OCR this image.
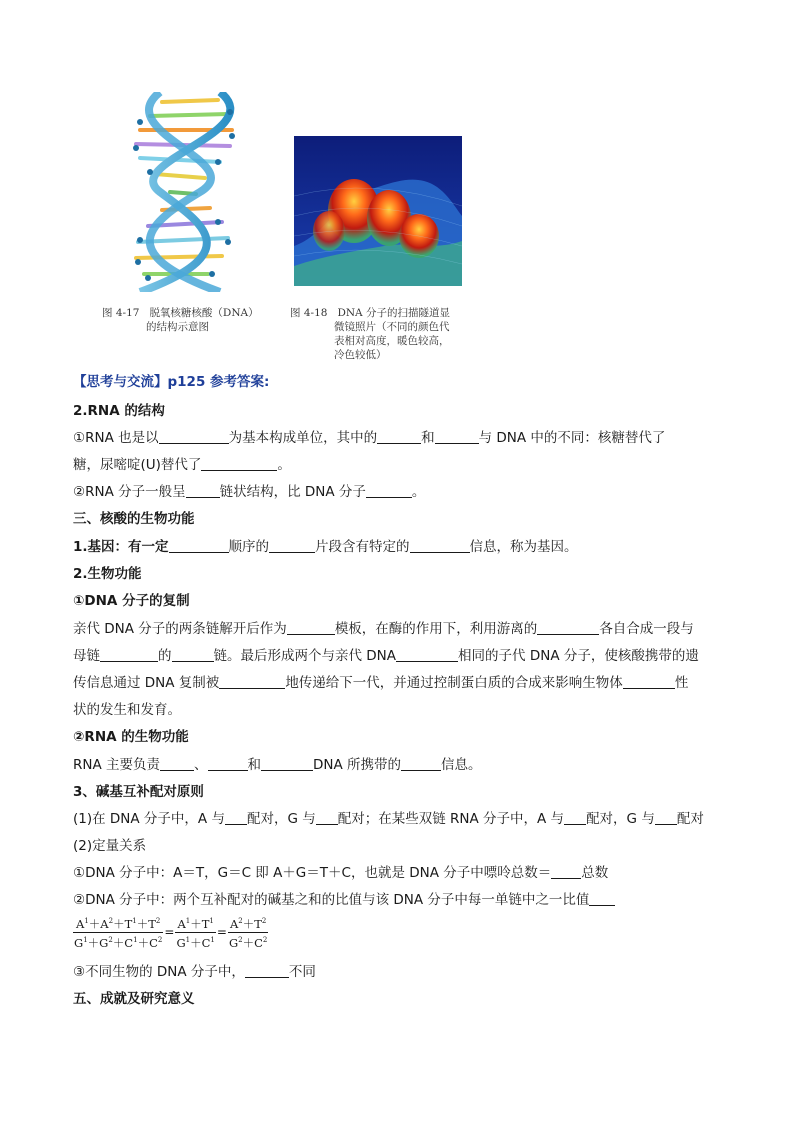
图 4-17 脱氧核糖核酸（DNA）
的结构示意图
图 4-18 DNA 分子的扫描隧道显
微镜照片（不同的颜色代
表相对高度，暖色较高，
冷色较低）
【思考与交流】p125 参考答案:
2.RNA 的结构
①RNA 也是以	为基本构成单位，其中的	和	与 DNA 中的不同：核糖替代了
糖，尿嘧啶(U)替代了	。
②RNA 分子一般呈	链状结构，比 DNA 分子	。
三、核酸的生物功能
1.基因：有一定	顺序的	片段含有特定的	信息，称为基因。
2.生物功能
①DNA 分子的复制
亲代 DNA 分子的两条链解开后作为	模板，在酶的作用下，利用游离的	各自合成一段与
母链	的	链。最后形成两个与亲代 DNA	相同的子代 DNA 分子，使核酸携带的遗
传信息通过 DNA 复制被	地传递给下一代，并通过控制蛋白质的合成来影响生物体	性
状的发生和发育。
②RNA 的生物功能
RNA 主要负责	、	和	DNA 所携带的	信息。
3、碱基互补配对原则
(1)在 DNA 分子中，A 与 配对，G 与 配对；在某些双链 RNA 分子中，A 与 配对，G 与 配对
(2)定量关系
①DNA 分子中：A＝T，G＝C 即 A＋G＝T＋C，也就是 DNA 分子中嘌呤总数＝ 总数
②DNA 分子中：两个互补配对的碱基之和的比值与该 DNA 分子中每一单链中之一比值
$\frac{A^1+A^2+T^1+T^2}{G^1+G^2+C^1+C^2} = \frac{A^1+T^1}{G^1+C^1} = \frac{A^2+T^2}{G^2+C^2}$
③不同生物的 DNA 分子中，	不同
五、成就及研究意义
